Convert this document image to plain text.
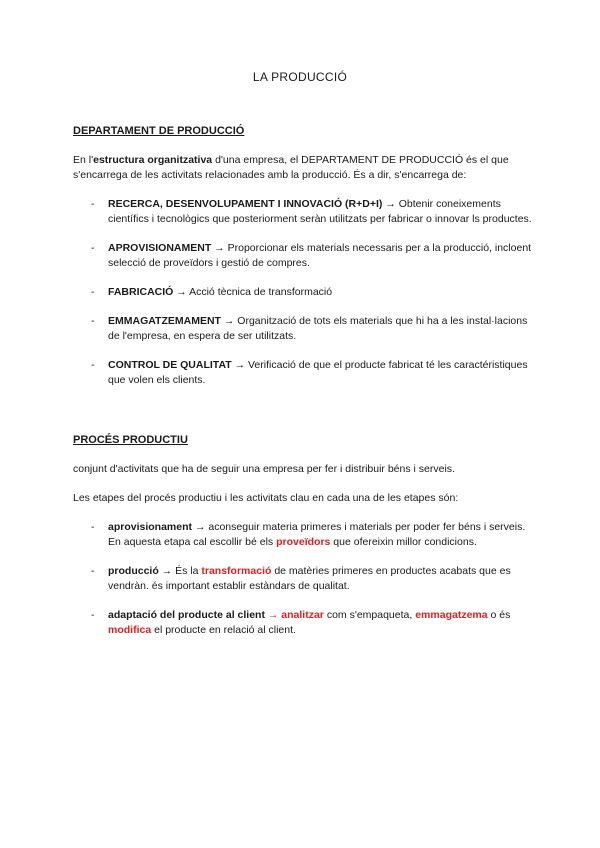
LA PRODUCCIÓ
DEPARTAMENT DE PRODUCCIÓ

En l'estructura organitzativa d'una empresa, el DEPARTAMENT DE PRODUCCIÓ és el que s'encarrega de les activitats relacionades amb la producció. És a dir, s'encarrega de:

- RECERCA, DESENVOLUPAMENT I INNOVACIÓ (R+D+I) → Obtenir coneixements científics i tecnològics que posteriorment seràn utilitzats per fabricar o innovar ls productes.
- APROVISIONAMENT → Proporcionar els materials necessaris per a la producció, incloent selecció de proveïdors i gestió de compres.
- FABRICACIÓ → Acció tècnica de transformació
- EMMAGATZEMAMENT → Organització de tots els materials que hi ha a les instal·lacions de l'empresa, en espera de ser utilitzats.
- CONTROL DE QUALITAT → Verificació de que el producte fabricat té les caractéristiques que volen els clients.
PROCÉS PRODUCTIU

conjunt d'activitats que ha de seguir una empresa per fer i distribuir béns i serveis.

Les etapes del procés productiu i les activitats clau en cada una de les etapes són:

- aprovisionament → aconseguir materia primeres i materials per poder fer béns i serveis. En aquesta etapa cal escollir bé els proveïdors que ofereixin millor condicions.
- producció → És la transformació de matèries primeres en productes acabats que es vendràn. és important establir estàndars de qualitat.
- adaptació del producte al client → analitzar com s'empaqueta, emmagatzema o és modifica el producte en relació al client.
